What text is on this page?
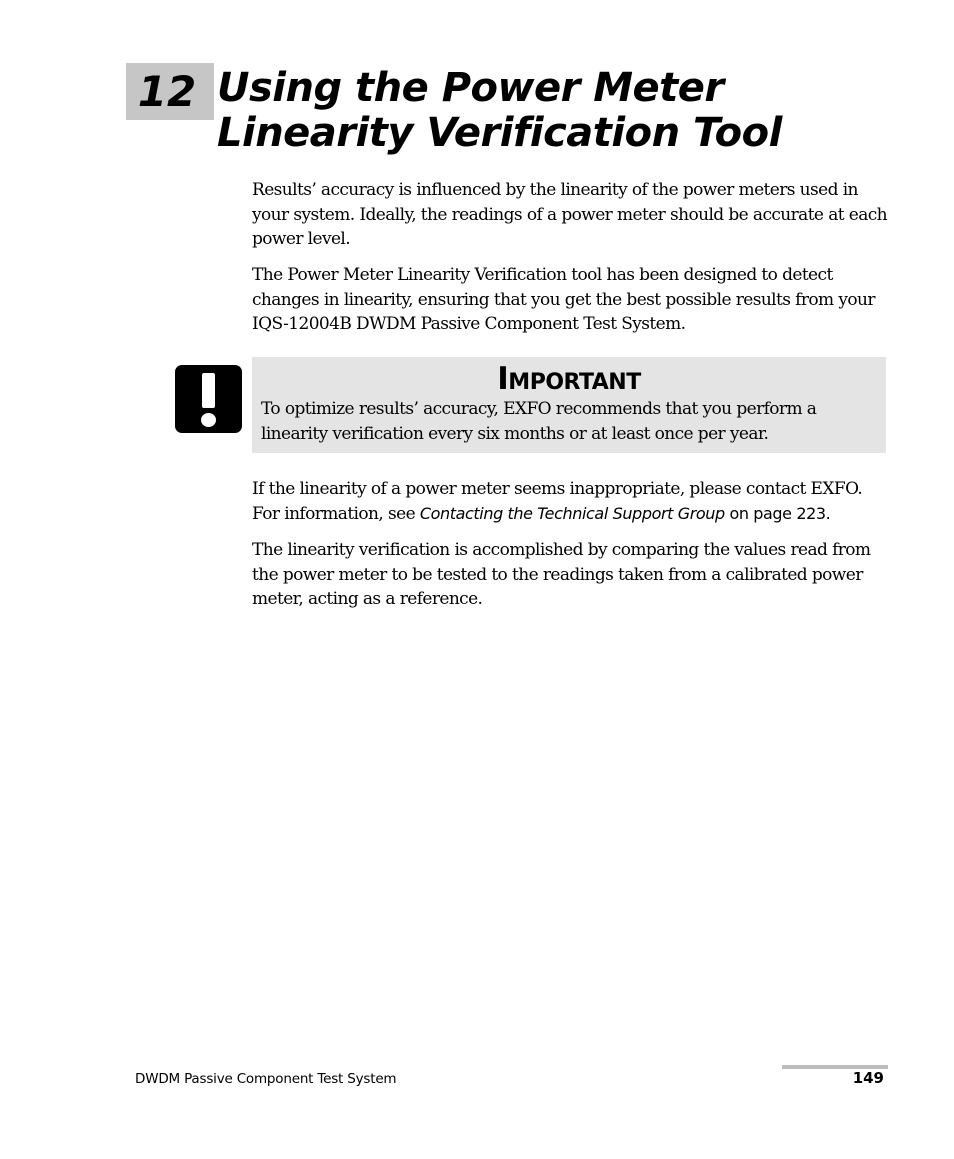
12 Using the Power Meter
Linearity Verification Tool

Results’ accuracy is influenced by the linearity of the power meters used in your system. Ideally, the readings of a power meter should be accurate at each power level.

The Power Meter Linearity Verification tool has been designed to detect changes in linearity, ensuring that you get the best possible results from your IQS-12004B DWDM Passive Component Test System.

Important

To optimize results’ accuracy, EXFO recommends that you perform a linearity verification every six months or at least once per year.

If the linearity of a power meter seems inappropriate, please contact EXFO. For information, see Contacting the Technical Support Group on page 223.

The linearity verification is accomplished by comparing the values read from the power meter to be tested to the readings taken from a calibrated power meter, acting as a reference.

DWDM Passive Component Test System	149
